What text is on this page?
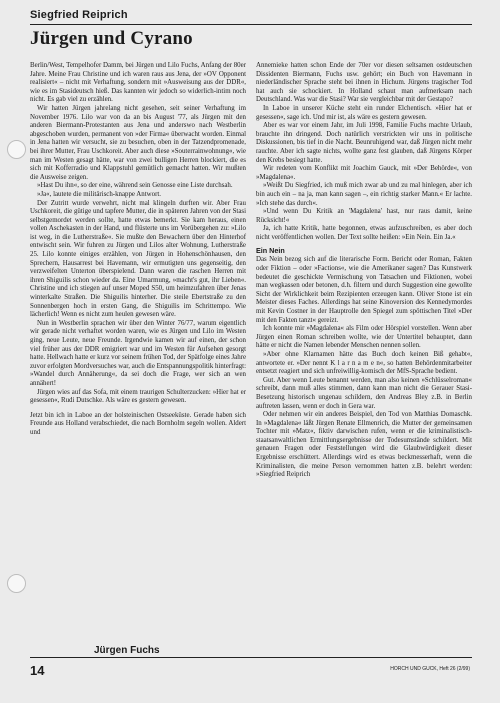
Siegfried Reiprich
Jürgen und Cyrano

Berlin/West, Tempelhofer Damm, bei Jürgen und Lilo Fuchs, Anfang der 80er Jahre. Meine Frau Christine und ich waren raus aus Jena, der »OV Opponent realisiert« – nicht mit Verhaftung, sondern mit »Ausweisung aus der DDR«, wie es im Stasideutsch hieß. Das kannten wir jedoch so widerlich-intim noch nicht. Es gab viel zu erzählen.

Wir hatten Jürgen jahrelang nicht gesehen, seit seiner Verhaftung im November 1976. Lilo war von da an bis August '77, als Jürgen mit den anderen Biermann-Protestanten aus Jena und anderswo nach Westberlin abgeschoben wurden, permanent von »der Firma« überwacht worden. Einmal in Jena hatten wir versucht, sie zu besuchen, oben in der Tatzendpromenade, bei ihrer Mutter, Frau Uschkoreit. Aber auch diese »Souterrainwohnung«, wie man im Westen gesagt hätte, war von zwei bulligen Herren blockiert, die es sich mit Kofferradio und Klappstuhl gemütlich gemacht hatten. Wir mußten die Ausweise zeigen.

»Hast Du ihn«, so der eine, während sein Genosse eine Liste durchsah.

»Ja«, lautete die militärisch-knappe Antwort.

Der Zutritt wurde verwehrt, nicht mal klingeln durften wir. Aber Frau Uschkoreit, die gütige und tapfere Mutter, die in späteren Jahren von der Stasi selbstgemordet werden sollte, hatte etwas bemerkt. Sie kam heraus, einen vollen Aschekasten in der Hand, und flüsterte uns im Vorübergehen zu: »Lilo ist weg, in die Lutherstraße«. Sie mußte den Bewachern über den Hinterhof entwischt sein. Wir fuhren zu Jürgen und Lilos alter Wohnung, Lutherstraße 25. Lilo konnte einiges erzählen, von Jürgen in Hohenschönhausen, den Sprechern, Hausarrest bei Havemann, wir ermutigten uns gegenseitig, den verzweifelten Unterton überspielend. Dann waren die raschen Herren mit ihren Shiguilis schon wieder da. Eine Umarmung, »macht's gut, ihr Lieben«. Christine und ich stiegen auf unser Moped S50, um heimzufahren über Jenas winterkalte Straßen. Die Shiguilis hinterher. Die steile Ebertstraße zu den Sonnenbergen hoch in ersten Gang, die Shiguilis im Schrittempo. Wie lächerlich! Wenn es nicht zum heulen gewesen wäre.

Nun in Westberlin sprachen wir über den Winter 76/77, warum eigentlich wir gerade nicht verhaftet worden waren, wie es Jürgen und Lilo im Westen ging, neue Leute, neue Freunde. Irgendwie kamen wir auf einen, der schon viel früher aus der DDR emigriert war und im Westen für Aufsehen gesorgt hatte. Hellwach hatte er kurz vor seinem frühen Tod, der Spätfolge eines Jahre zuvor erfolgten Mordversuches war, auch die Entspannungspolitik hinterfragt: »Wandel durch Annäherung«, da sei doch die Frage, wer sich an wen annähert!

Jürgen wies auf das Sofa, mit einem traurigen Schulterzucken: »Hier hat er gesessen«, Rudi Dutschke. Als wäre es gestern gewesen.

Jetzt bin ich in Laboe an der holsteinischen Ostseeküste. Gerade haben sich Freunde aus Holland verabschiedet, die nach Bornholm segeln wollen. Aldert und

Annemieke hatten schon Ende der 70er vor diesen seltsamen ostdeutschen Dissidenten Biermann, Fuchs usw. gehört; ein Buch von Havemann in niederländischer Sprache steht bei ihnen in Hichum. Jürgens tragischer Tod hat auch sie schockiert. In Holland schaut man aufmerksam nach Deutschland. Was war die Stasi? War sie vergleichbar mit der Gestapo?

In Laboe in unserer Küche steht ein runder Elchentisch. »Hier hat er gesessen«, sage ich. Und mir ist, als wäre es gestern gewesen.

Aber es war vor einem Jahr, im Juli 1998, Familie Fuchs machte Urlaub, brauchte ihn dringend. Doch natürlich verstrickten wir uns in politische Diskussionen, bis tief in die Nacht. Beunruhigend war, daß Jürgen nicht mehr rauchte. Aber ich sagte nichts, wollte ganz fest glauben, daß Jürgens Körper den Krebs besiegt hatte.

Wir redeten vom Konflikt mit Joachim Gauck, mit »Der Behörde«, von »Magdalena«.

»Weißt Du Siegfried, ich muß mich zwar ab und zu mal hinlegen, aber ich bin auch ein – na ja, man kann sagen –, ein richtig starker Mann.« Er lachte. »Ich stehe das durch«.

»Und wenn Du Kritik an 'Magdalena' hast, nur raus damit, keine Rücksicht!«

Ja, ich hatte Kritik, hatte begonnen, etwas aufzuschreiben, es aber doch nicht veröffentlichen wollen. Der Text sollte heißen: »Ein Nein. Ein Ja.«

Ein Nein

Das Nein bezog sich auf die literarische Form. Bericht oder Roman, Fakten oder Fiktion – oder »Factions«, wie die Amerikaner sagen? Das Kunstwerk bedeutet die geschickte Vermischung von Tatsachen und Fiktionen, wobei man wegkassen oder betonen, d.h. filtern und durch Suggestion eine gewollte Sicht der Wirklichkeit beim Rezipienten erzeugen kann. Oliver Stone ist ein Meister dieses Faches. Allerdings hat seine Kinoversion des Kennedymordes mit Kevin Costner in der Hauptrolle den Spiegel zum spöttischen Titel »Der mit den Fakten tanzt« gereizt.

Ich konnte mir »Magdalena« als Film oder Hörspiel vorstellen. Wenn aber Jürgen einen Roman schreiben wollte, wie der Untertitel behauptet, dann hätte er nicht die Namen lebender Menschen nennen sollen.

»Aber ohne Klarnamen hätte das Buch doch keinen Biß gehabt«, antwortete er. »Der nennt K l a r n a m e n«, so hatten Behördenmitarbeiter entsetzt reagiert und sich unfreiwillig-komisch der MfS-Sprache bedient.

Gut. Aber wenn Leute benannt werden, man also keinen »Schlüsselroman« schreibt, dann muß alles stimmen, dann kann man nicht die Gerauer Stasi-Besetzung historisch ungenau schildern, den Andreas Bley z.B. in Berlin auftreten lassen, wenn er doch in Gera war.

Oder nehmen wir ein anderes Beispiel, den Tod von Matthias Domaschk. In »Magdalena« läßt Jürgen Renate Ellmenrich, die Mutter der gemeinsamen Tochter mit »Matz«, fiktiv darwischen rufen, wenn er die kriminalistisch-staatsanwaltlichen Ermittlungsergebnisse der Todesumstände schildert. Mit genauen Fragen oder Feststellungen wird die Glaubwürdigkeit dieser Ergebnisse erschüttert. Allerdings wird es etwas beckmesserhaft, wenn die Kriminalisten, die meine Person vernommen hatten z.B. belehrt werden: »Siegfried Reiprich

Jürgen Fuchs
14	HORCH UND GUCK, Heft 26 (2/99)
